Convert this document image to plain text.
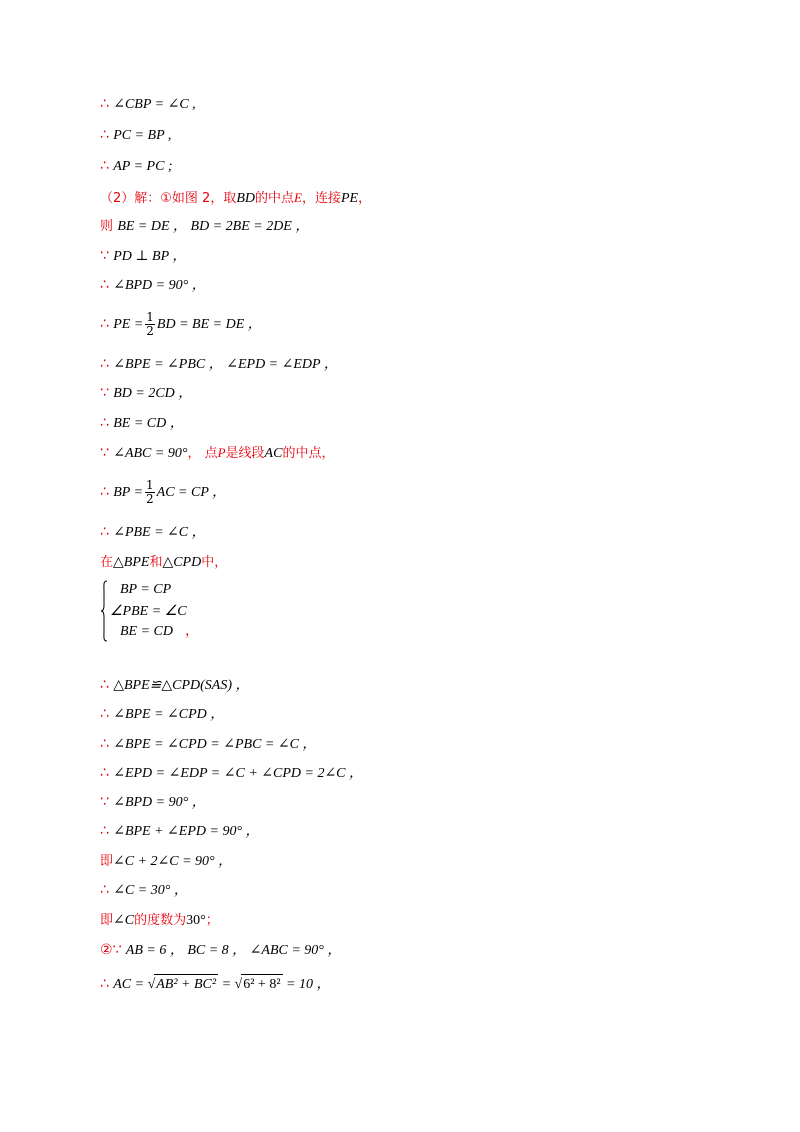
∴ ∠CBP = ∠C ,
∴ PC = BP ,
∴ AP = PC ;
（2）解：①如图 2，取BD的中点E，连接PE，
则 BE = DE ， BD = 2BE = 2DE ，
∵ PD ⊥ BP ，
∴ ∠BPD = 90° ，
∴ PE = $\frac{1}{2}$ BD = BE = DE ，
∴ ∠BPE = ∠PBC ， ∠EPD = ∠EDP ，
∵ BD = 2CD ，
∴ BE = CD ，
∵ ∠ABC = 90°， 点P是线段AC的中点，
∴ BP = $\frac{1}{2}$ AC = CP ，
∴ ∠PBE = ∠C ，
在△BPE和△CPD中，
BP = CP
∠PBE = ∠C
BE = CD ，
∴ △BPE≌△CPD(SAS) ，
∴ ∠BPE = ∠CPD ，
∴ ∠BPE = ∠CPD = ∠PBC = ∠C ，
∴ ∠EPD = ∠EDP = ∠C + ∠CPD = 2∠C ，
∵ ∠BPD = 90° ，
∴ ∠BPE + ∠EPD = 90° ，
即∠C + 2∠C = 90° ，
∴ ∠C = 30° ，
即∠C的度数为30°；
②∵ AB = 6 ， BC = 8 ， ∠ABC = 90° ，
∴ AC = √AB² + BC² = √6² + 8² = 10 ，
